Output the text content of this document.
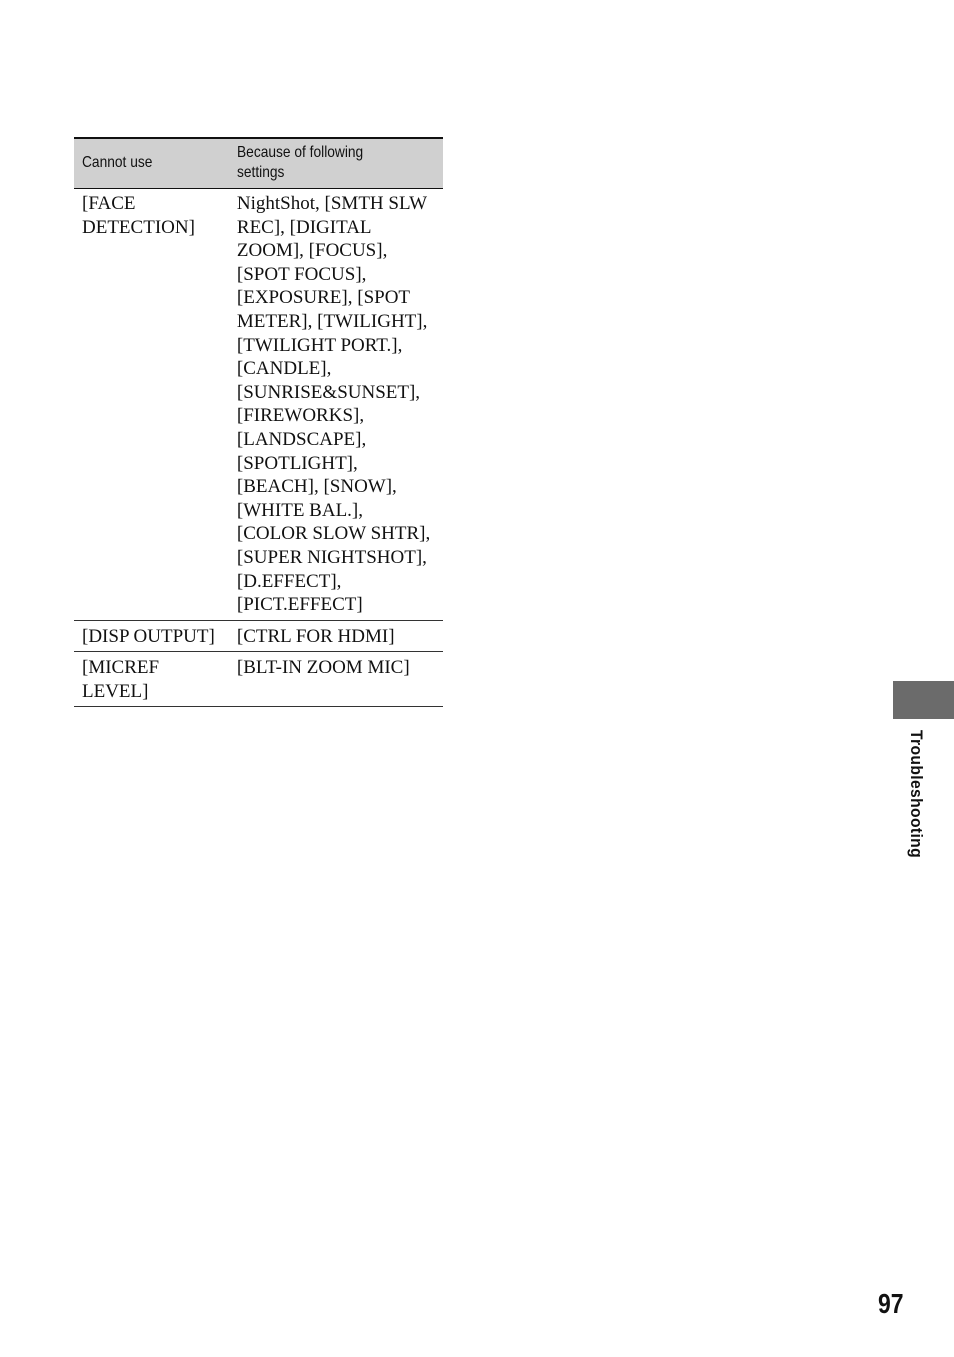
Cannot use	Because of following settings
[FACE DETECTION]	NightShot, [SMTH SLW REC], [DIGITAL ZOOM], [FOCUS], [SPOT FOCUS], [EXPOSURE], [SPOT METER], [TWILIGHT], [TWILIGHT PORT.], [CANDLE], [SUNRISE&SUNSET], [FIREWORKS], [LANDSCAPE], [SPOTLIGHT], [BEACH], [SNOW], [WHITE BAL.], [COLOR SLOW SHTR], [SUPER NIGHTSHOT], [D.EFFECT], [PICT.EFFECT]
[DISP OUTPUT]	[CTRL FOR HDMI]
[MICREF LEVEL]	[BLT-IN ZOOM MIC]
Troubleshooting
97
